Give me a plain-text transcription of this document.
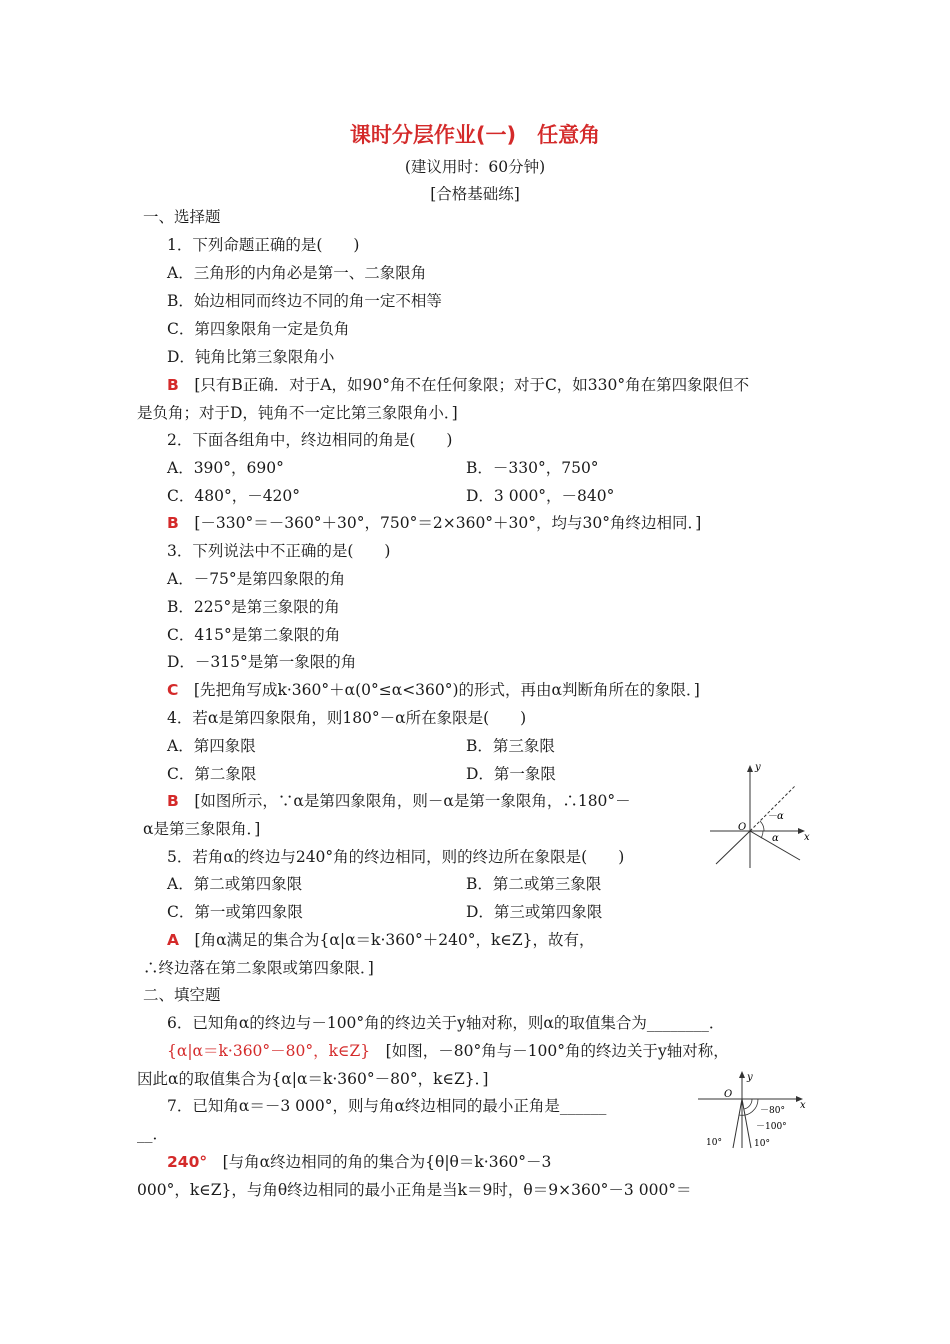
课时分层作业(一)　任意角
(建议用时：60分钟)
[合格基础练]
一、选择题
1．下列命题正确的是(　　)
A．三角形的内角必是第一、二象限角
B．始边相同而终边不同的角一定不相等
C．第四象限角一定是负角
D．钝角比第三象限角小
B　 [只有B正确．对于A，如90°角不在任何象限；对于C，如330°角在第四象限但不
是负角；对于D，钝角不一定比第三象限角小．]
2．下面各组角中，终边相同的角是(　　)
A．390°，690°	B．－330°，750°
C．480°，－420°	D．3 000°，－840°
B　 [－330°＝－360°＋30°，750°＝2×360°＋30°，均与30°角终边相同．]
3．下列说法中不正确的是(　　)
A．－75°是第四象限的角
B．225°是第三象限的角
C．415°是第二象限的角
D．－315°是第一象限的角
C　 [先把角写成k·360°＋α(0°≤α<360°)的形式，再由α判断角所在的象限．]
4．若α是第四象限角，则180°－α所在象限是(　　)
A．第四象限	B．第三象限
C．第二象限	D．第一象限
B　 [如图所示，∵α是第四象限角，则－α是第一象限角，∴180°－
α是第三象限角．]
y
x
O
－α
α
5．若角α的终边与240°角的终边相同，则的终边所在象限是(　　)
A．第二或第四象限	B．第二或第三象限
C．第一或第四象限	D．第三或第四象限
A　 [角α满足的集合为{α|α＝k·360°＋240°，k∈Z}，故有，
∴终边落在第二象限或第四象限．]
二、填空题
6．已知角α的终边与－100°角的终边关于y轴对称，则α的取值集合为________．
{α|α＝k·360°－80°，k∈Z}　 [如图，－80°角与－100°角的终边关于y轴对称，
因此α的取值集合为{α|α＝k·360°－80°，k∈Z}．]	y
x
O
－80°
－100°
10°	10°
7．已知角α＝－3 000°，则与角α终边相同的最小正角是______
__．
240°　 [与角α终边相同的角的集合为{θ|θ＝k·360°－3
000°，k∈Z}，与角θ终边相同的最小正角是当k＝9时，θ＝9×360°－3 000°＝
